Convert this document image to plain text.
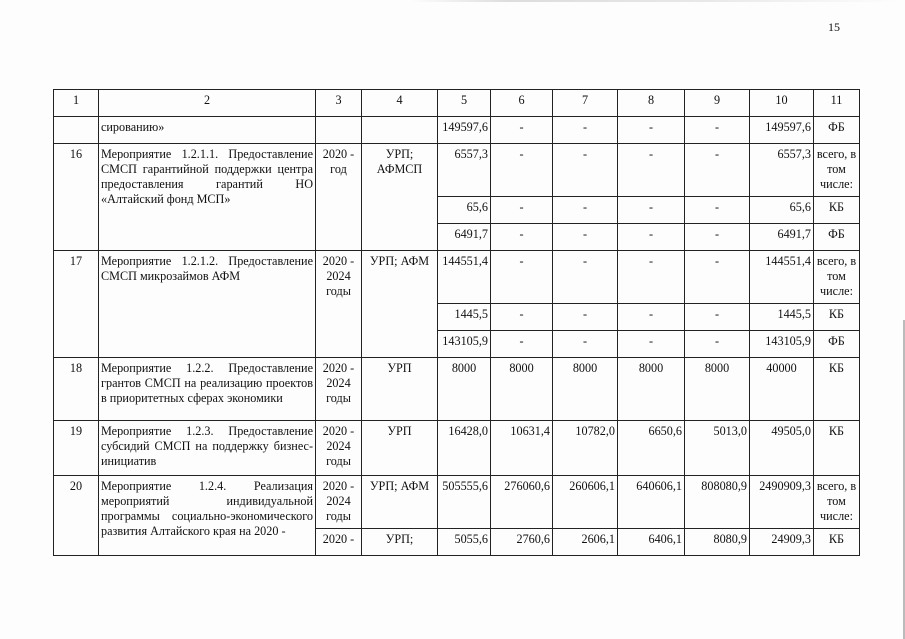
15
1	2	3	4	5	6	7	8	9	10	11
	сированию»			149597,6	-	-	-	-	149597,6	ФБ
16	Мероприятие 1.2.1.1. Предоставление СМСП гарантийной поддержки центра предоставления гарантий НО «Алтайский фонд МСП»	2020 - год	УРП; АФМСП	6557,3	-	-	-	-	6557,3	всего, в том числе:
				65,6	-	-	-	-	65,6	КБ
				6491,7	-	-	-	-	6491,7	ФБ
17	Мероприятие 1.2.1.2. Предоставление СМСП микрозаймов АФМ	2020 - 2024 годы	УРП; АФМ	144551,4	-	-	-	-	144551,4	всего, в том числе:
				1445,5	-	-	-	-	1445,5	КБ
				143105,9	-	-	-	-	143105,9	ФБ
18	Мероприятие 1.2.2. Предоставление грантов СМСП на реализацию проектов в приоритетных сферах экономики	2020 - 2024 годы	УРП	8000	8000	8000	8000	8000	40000	КБ
19	Мероприятие 1.2.3. Предоставление субсидий СМСП на поддержку бизнес-инициатив	2020 - 2024 годы	УРП	16428,0	10631,4	10782,0	6650,6	5013,0	49505,0	КБ
20	Мероприятие 1.2.4. Реализация мероприятий индивидуальной программы социально-экономического развития Алтайского края на 2020 -	2020 - 2024 годы	УРП; АФМ	505555,6	276060,6	260606,1	640606,1	808080,9	2490909,3	всего, в том числе:
		2020 -	УРП;	5055,6	2760,6	2606,1	6406,1	8080,9	24909,3	КБ
